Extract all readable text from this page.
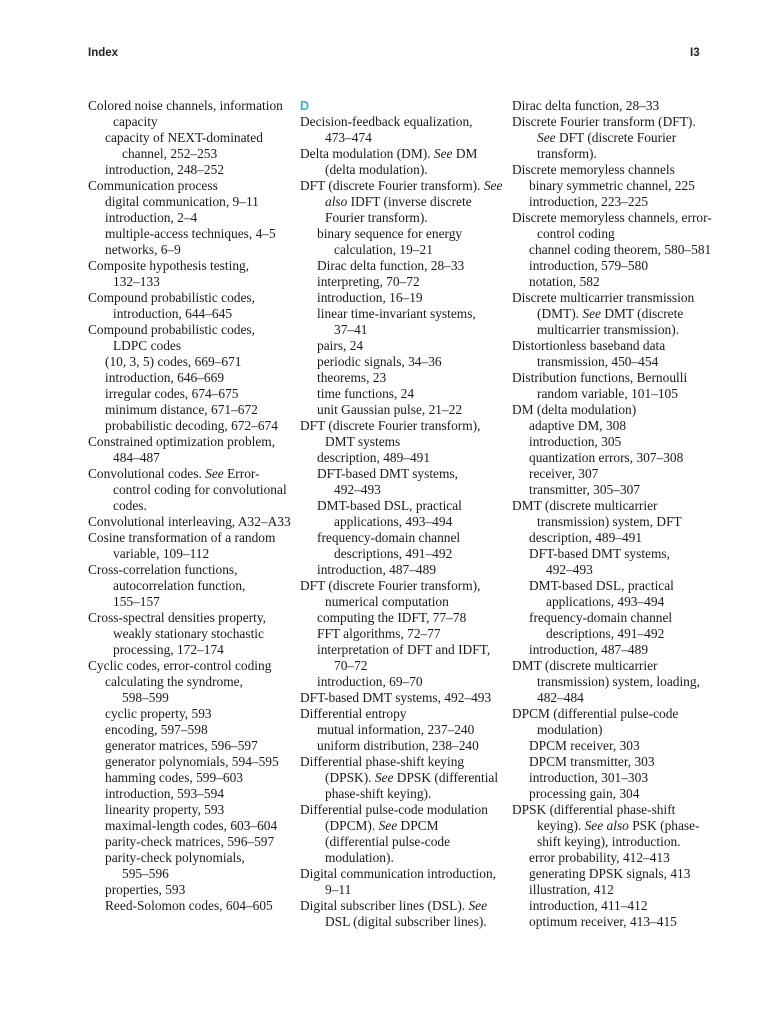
Index	I3
Colored noise channels, information
capacity
capacity of NEXT-dominated
channel, 252–253
introduction, 248–252
Communication process
digital communication, 9–11
introduction, 2–4
multiple-access techniques, 4–5
networks, 6–9
Composite hypothesis testing,
132–133
Compound probabilistic codes,
introduction, 644–645
Compound probabilistic codes,
LDPC codes
(10, 3, 5) codes, 669–671
introduction, 646–669
irregular codes, 674–675
minimum distance, 671–672
probabilistic decoding, 672–674
Constrained optimization problem,
484–487
Convolutional codes. See Error-
control coding for convolutional
codes.
Convolutional interleaving, A32–A33
Cosine transformation of a random
variable, 109–112
Cross-correlation functions,
autocorrelation function,
155–157
Cross-spectral densities property,
weakly stationary stochastic
processing, 172–174
Cyclic codes, error-control coding
calculating the syndrome,
598–599
cyclic property, 593
encoding, 597–598
generator matrices, 596–597
generator polynomials, 594–595
hamming codes, 599–603
introduction, 593–594
linearity property, 593
maximal-length codes, 603–604
parity-check matrices, 596–597
parity-check polynomials,
595–596
properties, 593
Reed-Solomon codes, 604–605
D
Decision-feedback equalization,
473–474
Delta modulation (DM). See DM
(delta modulation).
DFT (discrete Fourier transform). See
also IDFT (inverse discrete
Fourier transform).
binary sequence for energy
calculation, 19–21
Dirac delta function, 28–33
interpreting, 70–72
introduction, 16–19
linear time-invariant systems,
37–41
pairs, 24
periodic signals, 34–36
theorems, 23
time functions, 24
unit Gaussian pulse, 21–22
DFT (discrete Fourier transform),
DMT systems
description, 489–491
DFT-based DMT systems,
492–493
DMT-based DSL, practical
applications, 493–494
frequency-domain channel
descriptions, 491–492
introduction, 487–489
DFT (discrete Fourier transform),
numerical computation
computing the IDFT, 77–78
FFT algorithms, 72–77
interpretation of DFT and IDFT,
70–72
introduction, 69–70
DFT-based DMT systems, 492–493
Differential entropy
mutual information, 237–240
uniform distribution, 238–240
Differential phase-shift keying
(DPSK). See DPSK (differential
phase-shift keying).
Differential pulse-code modulation
(DPCM). See DPCM
(differential pulse-code
modulation).
Digital communication introduction,
9–11
Digital subscriber lines (DSL). See
DSL (digital subscriber lines).
Dirac delta function, 28–33
Discrete Fourier transform (DFT).
See DFT (discrete Fourier
transform).
Discrete memoryless channels
binary symmetric channel, 225
introduction, 223–225
Discrete memoryless channels, error-
control coding
channel coding theorem, 580–581
introduction, 579–580
notation, 582
Discrete multicarrier transmission
(DMT). See DMT (discrete
multicarrier transmission).
Distortionless baseband data
transmission, 450–454
Distribution functions, Bernoulli
random variable, 101–105
DM (delta modulation)
adaptive DM, 308
introduction, 305
quantization errors, 307–308
receiver, 307
transmitter, 305–307
DMT (discrete multicarrier
transmission) system, DFT
description, 489–491
DFT-based DMT systems,
492–493
DMT-based DSL, practical
applications, 493–494
frequency-domain channel
descriptions, 491–492
introduction, 487–489
DMT (discrete multicarrier
transmission) system, loading,
482–484
DPCM (differential pulse-code
modulation)
DPCM receiver, 303
DPCM transmitter, 303
introduction, 301–303
processing gain, 304
DPSK (differential phase-shift
keying). See also PSK (phase-
shift keying), introduction.
error probability, 412–413
generating DPSK signals, 413
illustration, 412
introduction, 411–412
optimum receiver, 413–415
